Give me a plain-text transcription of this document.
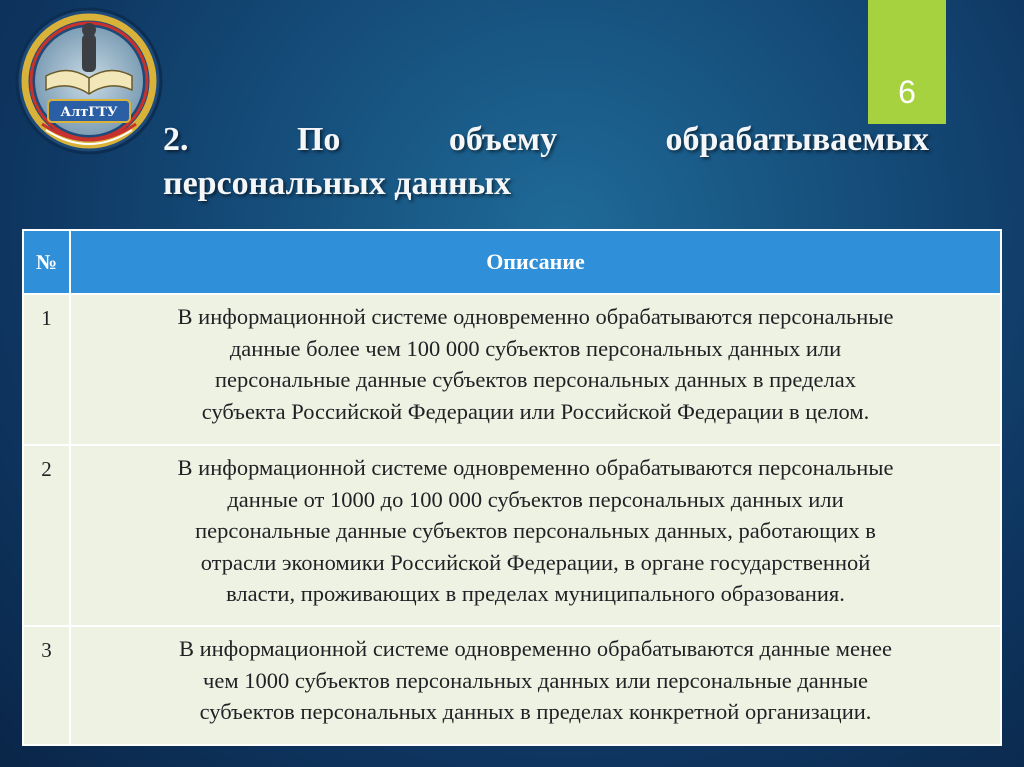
АлтГТУ
6
2.	По	объему	обрабатываемых
персональных данных
№	Описание
1	В информационной системе одновременно обрабатываются персональные
данные более чем 100 000 субъектов персональных данных или
персональные данные субъектов персональных данных в пределах
субъекта Российской Федерации или Российской Федерации в целом.
2	В информационной системе одновременно обрабатываются персональные
данные от 1000 до 100 000 субъектов персональных данных или
персональные данные субъектов персональных данных, работающих в
отрасли экономики Российской Федерации, в органе государственной
власти, проживающих в пределах муниципального образования.
3	В информационной системе одновременно обрабатываются данные менее
чем 1000 субъектов персональных данных или персональные данные
субъектов персональных данных в пределах конкретной организации.
